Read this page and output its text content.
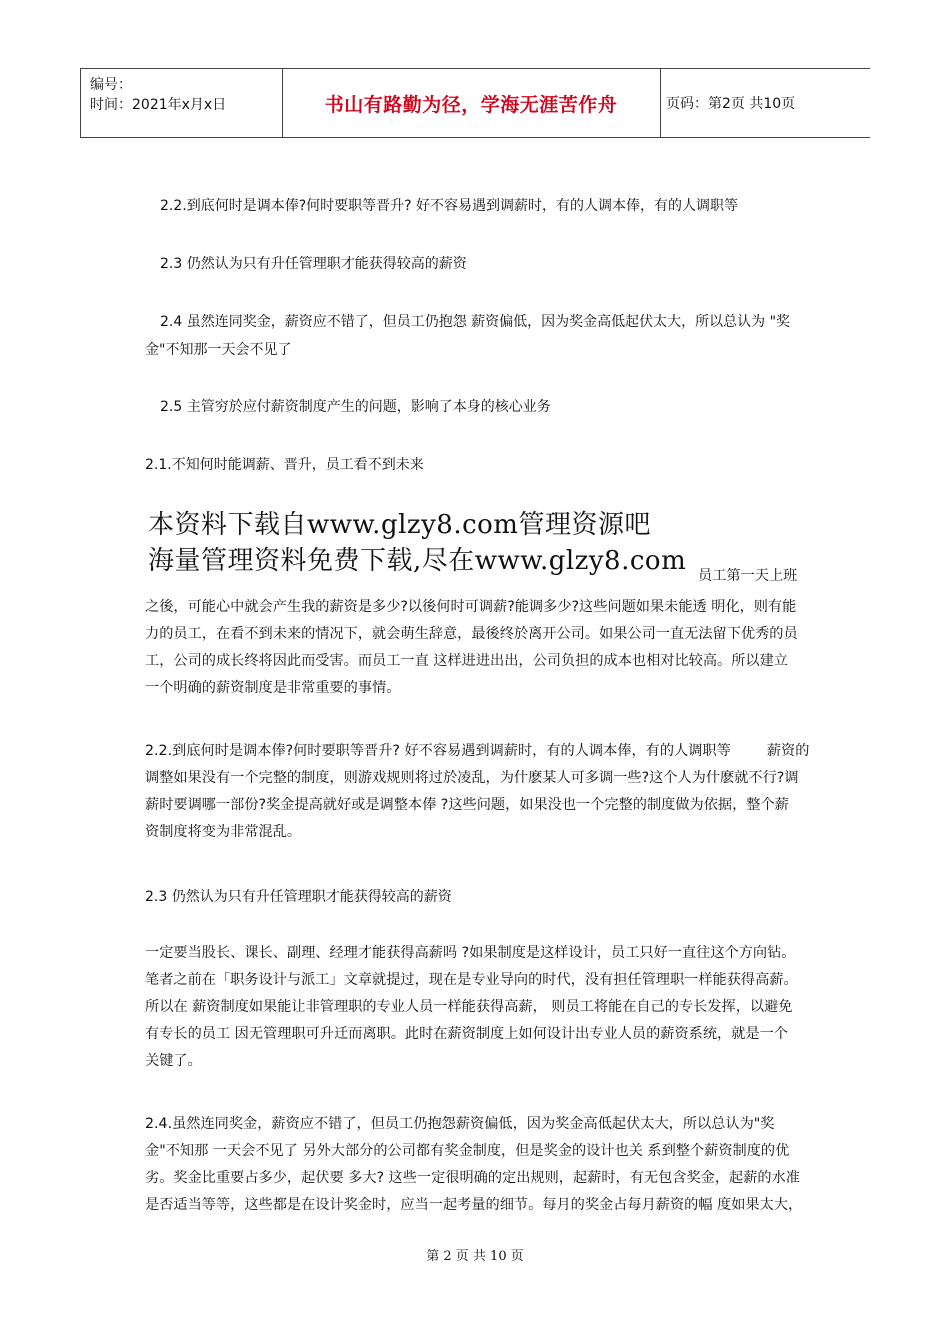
编号：
时间：2021年x月x日	书山有路勤为径，学海无涯苦作舟	页码：第2页 共10页
2.2.到底何时是调本俸?何时要职等晋升? 好不容易遇到调薪时，有的人调本俸，有的人调职等
2.3 仍然认为只有升任管理职才能获得较高的薪资
2.4 虽然连同奖金，薪资应不错了，但员工仍抱怨 薪资偏低，因为奖金高低起伏太大，所以总认为 "奖
金"不知那一天会不见了
2.5 主管穷於应付薪资制度产生的问题，影响了本身的核心业务
2.1.不知何时能调薪、晋升，员工看不到未来
本资料下载自www.glzy8.com管理资源吧
海量管理资料免费下载,尽在www.glzy8.com 员工第一天上班
之後，可能心中就会产生我的薪资是多少?以後何时可调薪?能调多少?这些问题如果未能透 明化，则有能
力的员工，在看不到未来的情况下，就会萌生辞意，最後终於离开公司。如果公司一直无法留下优秀的员
工，公司的成长终将因此而受害。而员工一直 这样进进出出，公司负担的成本也相对比较高。所以建立
一个明确的薪资制度是非常重要的事情。
2.2.到底何时是调本俸?何时要职等晋升? 好不容易遇到调薪时，有的人调本俸，有的人调职等        薪资的
调整如果没有一个完整的制度，则游戏规则将过於凌乱，为什麽某人可多调一些?这个人为什麽就不行?调
薪时要调哪一部份?奖金提高就好或是调整本俸 ?这些问题，如果没也一个完整的制度做为依据，整个薪
资制度将变为非常混乱。
2.3 仍然认为只有升任管理职才能获得较高的薪资
一定要当股长、课长、副理、经理才能获得高薪吗 ?如果制度是这样设计，员工只好一直往这个方向钻。
笔者之前在「职务设计与派工」文章就提过，现在是专业导向的时代，没有担任管理职一样能获得高薪。
所以在 薪资制度如果能让非管理职的专业人员一样能获得高薪， 则员工将能在自己的专长发挥，以避免
有专长的员工 因无管理职可升迁而离职。此时在薪资制度上如何设计出专业人员的薪资系统，就是一个
关键了。
2.4.虽然连同奖金，薪资应不错了，但员工仍抱怨薪资偏低，因为奖金高低起伏太大，所以总认为"奖
金"不知那 一天会不见了 另外大部分的公司都有奖金制度，但是奖金的设计也关 系到整个薪资制度的优
劣。奖金比重要占多少，起伏要 多大? 这些一定很明确的定出规则，起薪时，有无包含奖金，起薪的水准
是否适当等等，这些都是在设计奖金时，应当一起考量的细节。每月的奖金占每月薪资的幅 度如果太大，
第 2 页 共 10 页
